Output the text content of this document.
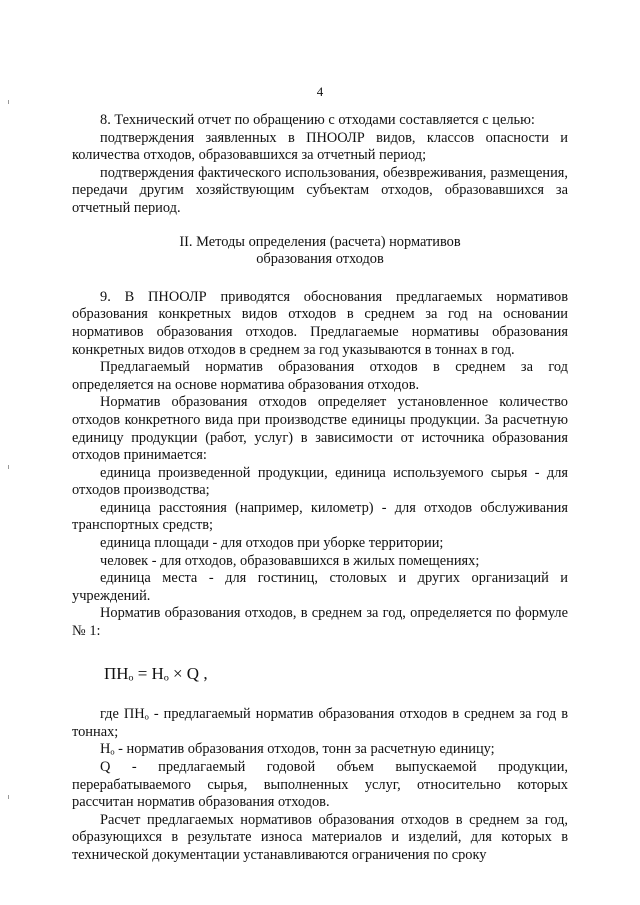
4

8. Технический отчет по обращению с отходами составляется с целью:

подтверждения заявленных в ПНООЛР видов, классов опасности и количества отходов, образовавшихся за отчетный период;

подтверждения фактического использования, обезвреживания, размещения, передачи другим хозяйствующим субъектам отходов, образовавшихся за отчетный период.

II. Методы определения (расчета) нормативов
образования отходов

9. В ПНООЛР приводятся обоснования предлагаемых нормативов образования конкретных видов отходов в среднем за год на основании нормативов образования отходов. Предлагаемые нормативы образования конкретных видов отходов в среднем за год указываются в тоннах в год.

Предлагаемый норматив образования отходов в среднем за год определяется на основе норматива образования отходов.

Норматив образования отходов определяет установленное количество отходов конкретного вида при производстве единицы продукции. За расчетную единицу продукции (работ, услуг) в зависимости от источника образования отходов принимается:

единица произведенной продукции, единица используемого сырья - для отходов производства;

единица расстояния (например, километр) - для отходов обслуживания транспортных средств;

единица площади - для отходов при уборке территории;

человек - для отходов, образовавшихся в жилых помещениях;

единица места - для гостиниц, столовых и других организаций и учреждений.

Норматив образования отходов, в среднем за год, определяется по формуле № 1:

ПНₒ = Нₒ × Q ,

где ПНₒ - предлагаемый норматив образования отходов в среднем за год в тоннах;

Нₒ - норматив образования отходов, тонн за расчетную единицу;

Q - предлагаемый годовой объем выпускаемой продукции, перерабатываемого сырья, выполненных услуг, относительно которых рассчитан норматив образования отходов.

Расчет предлагаемых нормативов образования отходов в среднем за год, образующихся в результате износа материалов и изделий, для которых в технической документации устанавливаются ограничения по сроку
